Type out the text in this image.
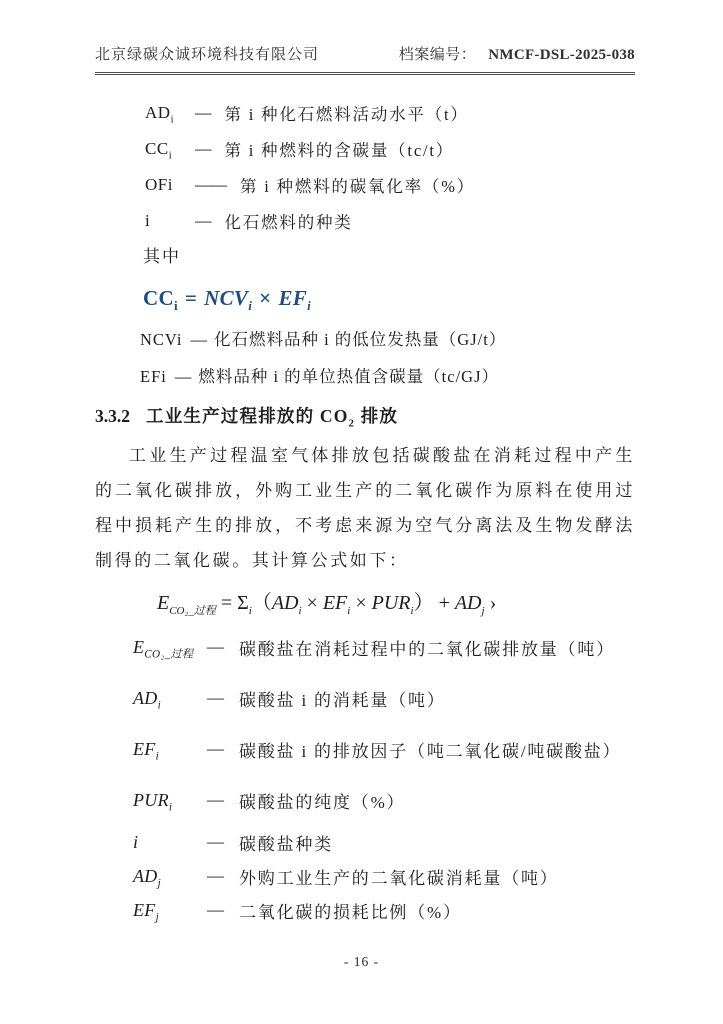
北京绿碳众诚环境科技有限公司	档案编号： NMCF-DSL-2025-038
$AD_i$	— 第 i 种化石燃料活动水平（t）
$CC_i$	— 第 i 种燃料的含碳量（tc/t）
OFi	—— 第 i 种燃料的碳氧化率（%）
i	— 化石燃料的种类
其中
$CC_i = NCV_i \times EF_i$
NCVi — 化石燃料品种 i 的低位发热量（GJ/t）
EFi — 燃料品种 i 的单位热值含碳量（tc/GJ）
3.3.2 工业生产过程排放的 $CO_2$ 排放
工业生产过程温室气体排放包括碳酸盐在消耗过程中产生的二氧化碳排放，外购工业生产的二氧化碳作为原料在使用过程中损耗产生的排放，不考虑来源为空气分离法及生物发酵法制得的二氧化碳。其计算公式如下：
$E_{CO_2\_过程} = \Sigma_i(AD_i \times EF_i \times PUR_i) + AD_j$ ›
$E_{CO_2\_过程}$ — 碳酸盐在消耗过程中的二氧化碳排放量（吨）
$AD_i$	— 碳酸盐 i 的消耗量（吨）
$EF_i$	— 碳酸盐 i 的排放因子（吨二氧化碳/吨碳酸盐）
$PUR_i$	— 碳酸盐的纯度（%）
i	— 碳酸盐种类
$AD_j$	— 外购工业生产的二氧化碳消耗量（吨）
$EF_j$	— 二氧化碳的损耗比例（%）
- 16 -
